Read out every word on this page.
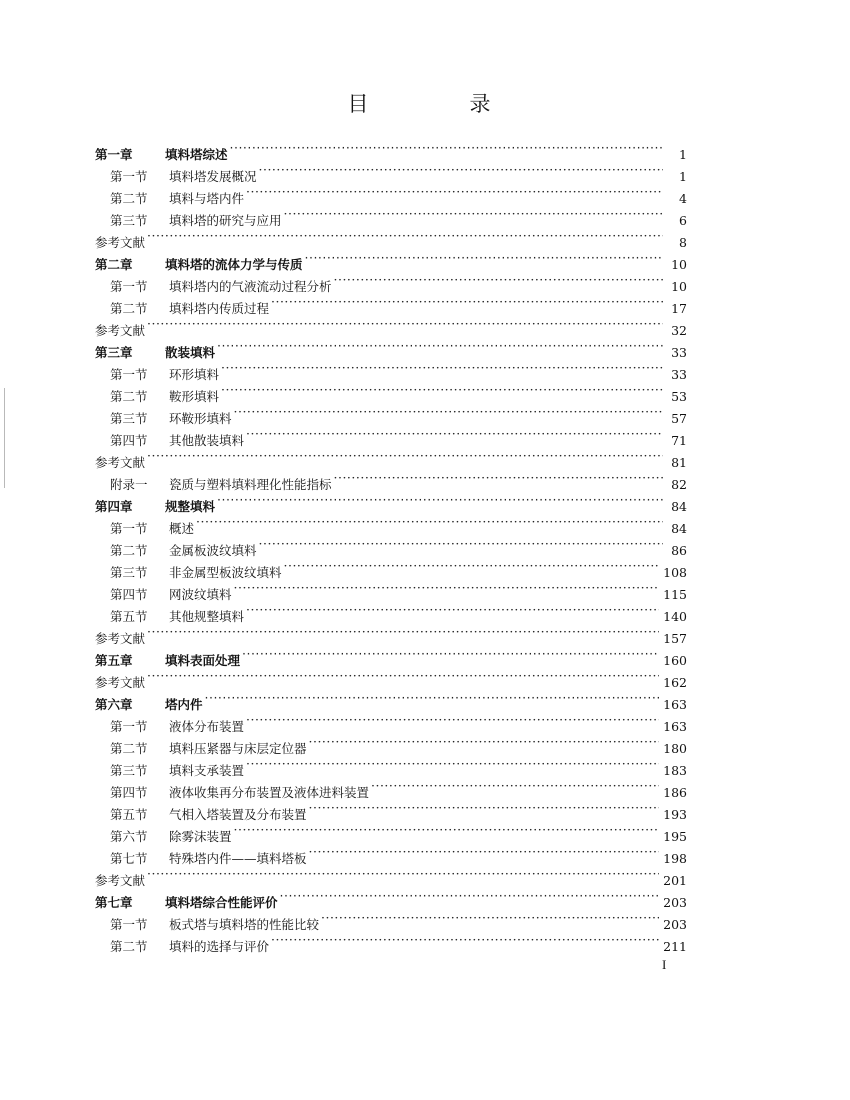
目　录
第一章	填料塔综述 ·····	1
第一节	填料塔发展概况 ·····	1
第二节	填料与塔内件 ·····	4
第三节	填料塔的研究与应用 ·····	6
参考文献 ·····	8
第二章	填料塔的流体力学与传质 ·····	10
第一节	填料塔内的气液流动过程分析 ·····	10
第二节	填料塔内传质过程 ·····	17
参考文献 ·····	32
第三章	散装填料 ·····	33
第一节	环形填料 ·····	33
第二节	鞍形填料 ·····	53
第三节	环鞍形填料 ·····	57
第四节	其他散装填料 ·····	71
参考文献 ·····	81
附录一	瓷质与塑料填料理化性能指标 ·····	82
第四章	规整填料 ·····	84
第一节	概述 ·····	84
第二节	金属板波纹填料 ·····	86
第三节	非金属型板波纹填料 ·····	108
第四节	网波纹填料 ·····	115
第五节	其他规整填料 ·····	140
参考文献 ·····	157
第五章	填料表面处理 ·····	160
参考文献 ·····	162
第六章	塔内件 ·····	163
第一节	液体分布装置 ·····	163
第二节	填料压紧器与床层定位器 ·····	180
第三节	填料支承装置 ·····	183
第四节	液体收集再分布装置及液体进料装置 ·····	186
第五节	气相入塔装置及分布装置 ·····	193
第六节	除雾沫装置 ·····	195
第七节	特殊塔内件——填料塔板 ·····	198
参考文献 ·····	201
第七章	填料塔综合性能评价 ·····	203
第一节	板式塔与填料塔的性能比较 ·····	203
第二节	填料的选择与评价 ·····	211
I
